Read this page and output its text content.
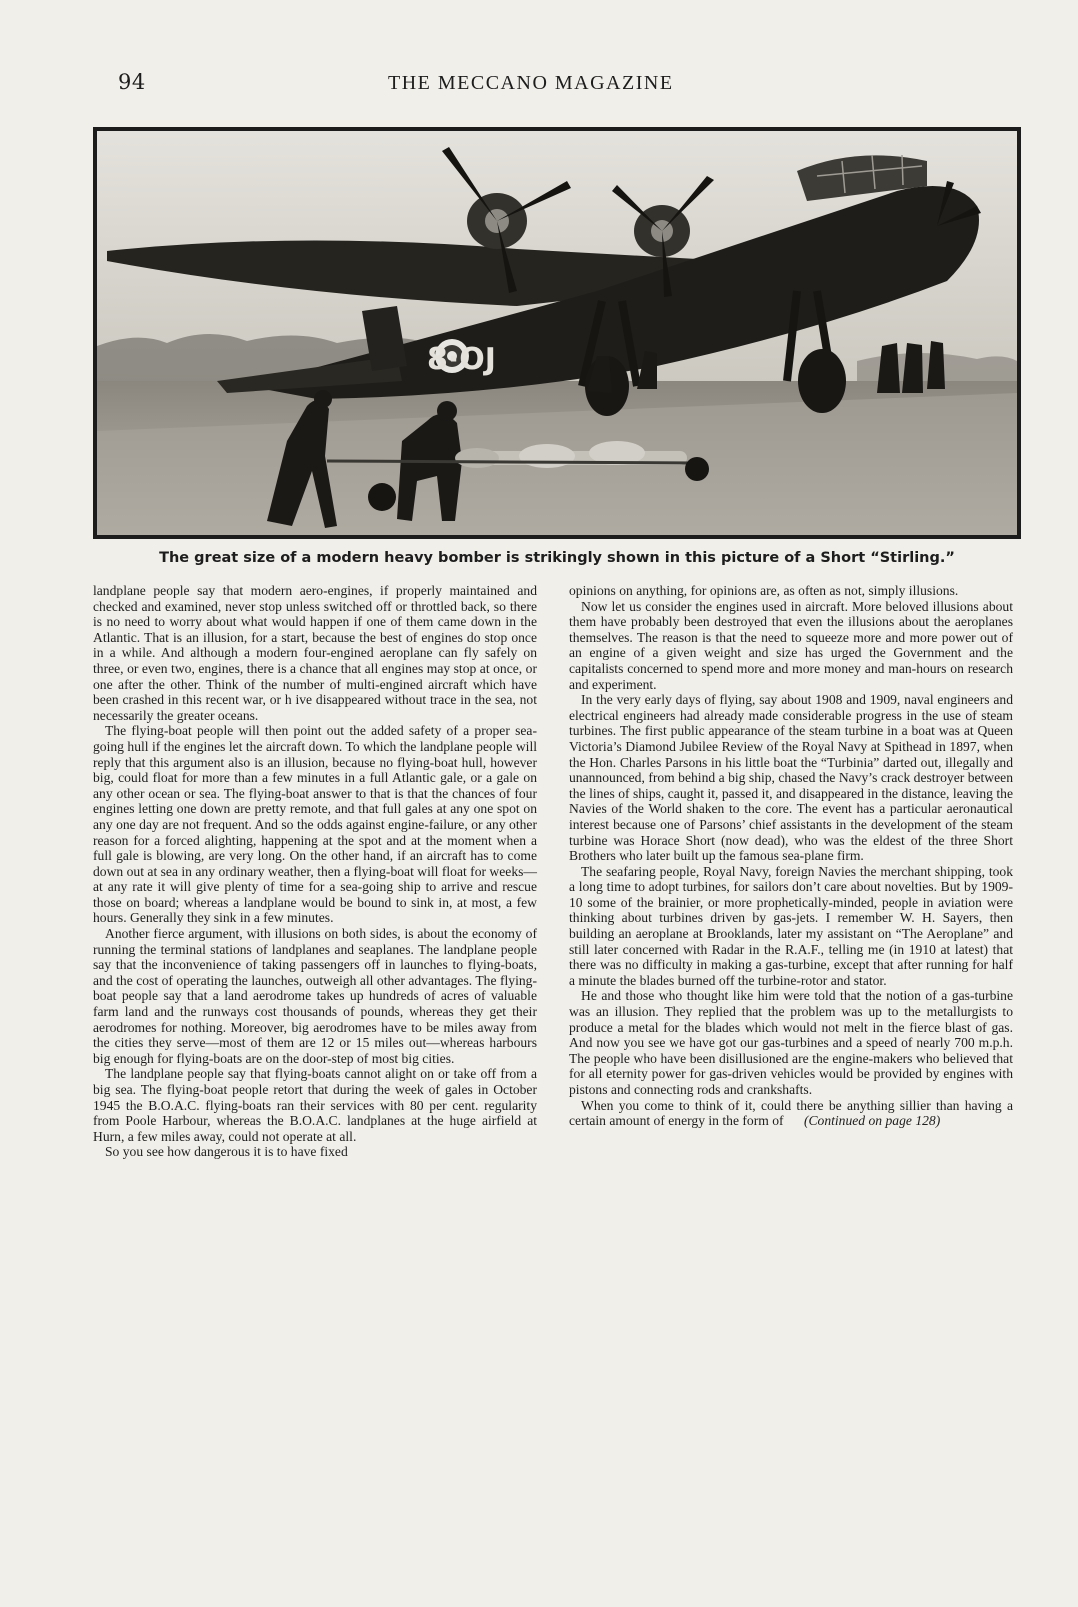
94	THE MECCANO MAGAZINE
8·OJ
The great size of a modern heavy bomber is strikingly shown in this picture of a Short “Stirling.”

landplane people say that modern aero-engines, if properly maintained and checked and examined, never stop unless switched off or throttled back, so there is no need to worry about what would happen if one of them came down in the Atlantic. That is an illusion, for a start, because the best of engines do stop once in a while. And although a modern four-engined aeroplane can fly safely on three, or even two, engines, there is a chance that all engines may stop at once, or one after the other. Think of the number of multi-engined aircraft which have been crashed in this recent war, or h ive disappeared without trace in the sea, not necessarily the greater oceans.

The flying-boat people will then point out the added safety of a proper sea-going hull if the engines let the aircraft down. To which the landplane people will reply that this argument also is an illusion, because no flying-boat hull, however big, could float for more than a few minutes in a full Atlantic gale, or a gale on any other ocean or sea. The flying-boat answer to that is that the chances of four engines letting one down are pretty remote, and that full gales at any one spot on any one day are not frequent. And so the odds against engine-failure, or any other reason for a forced alighting, happening at the spot and at the moment when a full gale is blowing, are very long. On the other hand, if an aircraft has to come down out at sea in any ordinary weather, then a flying-boat will float for weeks—at any rate it will give plenty of time for a sea-going ship to arrive and rescue those on board; whereas a landplane would be bound to sink in, at most, a few hours. Generally they sink in a few minutes.

Another fierce argument, with illusions on both sides, is about the economy of running the terminal stations of landplanes and seaplanes. The landplane people say that the inconvenience of taking passengers off in launches to flying-boats, and the cost of operating the launches, outweigh all other advantages. The flying-boat people say that a land aerodrome takes up hundreds of acres of valuable farm land and the runways cost thousands of pounds, whereas they get their aerodromes for nothing. Moreover, big aerodromes have to be miles away from the cities they serve—most of them are 12 or 15 miles out—whereas harbours big enough for flying-boats are on the door-step of most big cities.

The landplane people say that flying-boats cannot alight on or take off from a big sea. The flying-boat people retort that during the week of gales in October 1945 the B.O.A.C. flying-boats ran their services with 80 per cent. regularity from Poole Harbour, whereas the B.O.A.C. landplanes at the huge airfield at Hurn, a few miles away, could not operate at all.

So you see how dangerous it is to have fixed

opinions on anything, for opinions are, as often as not, simply illusions.

Now let us consider the engines used in aircraft. More beloved illusions about them have probably been destroyed that even the illusions about the aeroplanes themselves. The reason is that the need to squeeze more and more power out of an engine of a given weight and size has urged the Government and the capitalists concerned to spend more and more money and man-hours on research and experiment.

In the very early days of flying, say about 1908 and 1909, naval engineers and electrical engineers had already made considerable progress in the use of steam turbines. The first public appearance of the steam turbine in a boat was at Queen Victoria’s Diamond Jubilee Review of the Royal Navy at Spithead in 1897, when the Hon. Charles Parsons in his little boat the “Turbinia” darted out, illegally and unannounced, from behind a big ship, chased the Navy’s crack destroyer between the lines of ships, caught it, passed it, and disappeared in the distance, leaving the Navies of the World shaken to the core. The event has a particular aeronautical interest because one of Parsons’ chief assistants in the development of the steam turbine was Horace Short (now dead), who was the eldest of the three Short Brothers who later built up the famous sea-plane firm.

The seafaring people, Royal Navy, foreign Navies the merchant shipping, took a long time to adopt turbines, for sailors don’t care about novelties. But by 1909-10 some of the brainier, or more prophetically-minded, people in aviation were thinking about turbines driven by gas-jets. I remember W. H. Sayers, then building an aeroplane at Brooklands, later my assistant on “The Aeroplane” and still later concerned with Radar in the R.A.F., telling me (in 1910 at latest) that there was no difficulty in making a gas-turbine, except that after running for half a minute the blades burned off the turbine-rotor and stator.

He and those who thought like him were told that the notion of a gas-turbine was an illusion. They replied that the problem was up to the metallurgists to produce a metal for the blades which would not melt in the fierce blast of gas. And now you see we have got our gas-turbines and a speed of nearly 700 m.p.h. The people who have been disillusioned are the engine-makers who believed that for all eternity power for gas-driven vehicles would be provided by engines with pistons and connecting rods and crankshafts.

When you come to think of it, could there be anything sillier than having a certain amount of energy in the form of (Continued on page 128)
